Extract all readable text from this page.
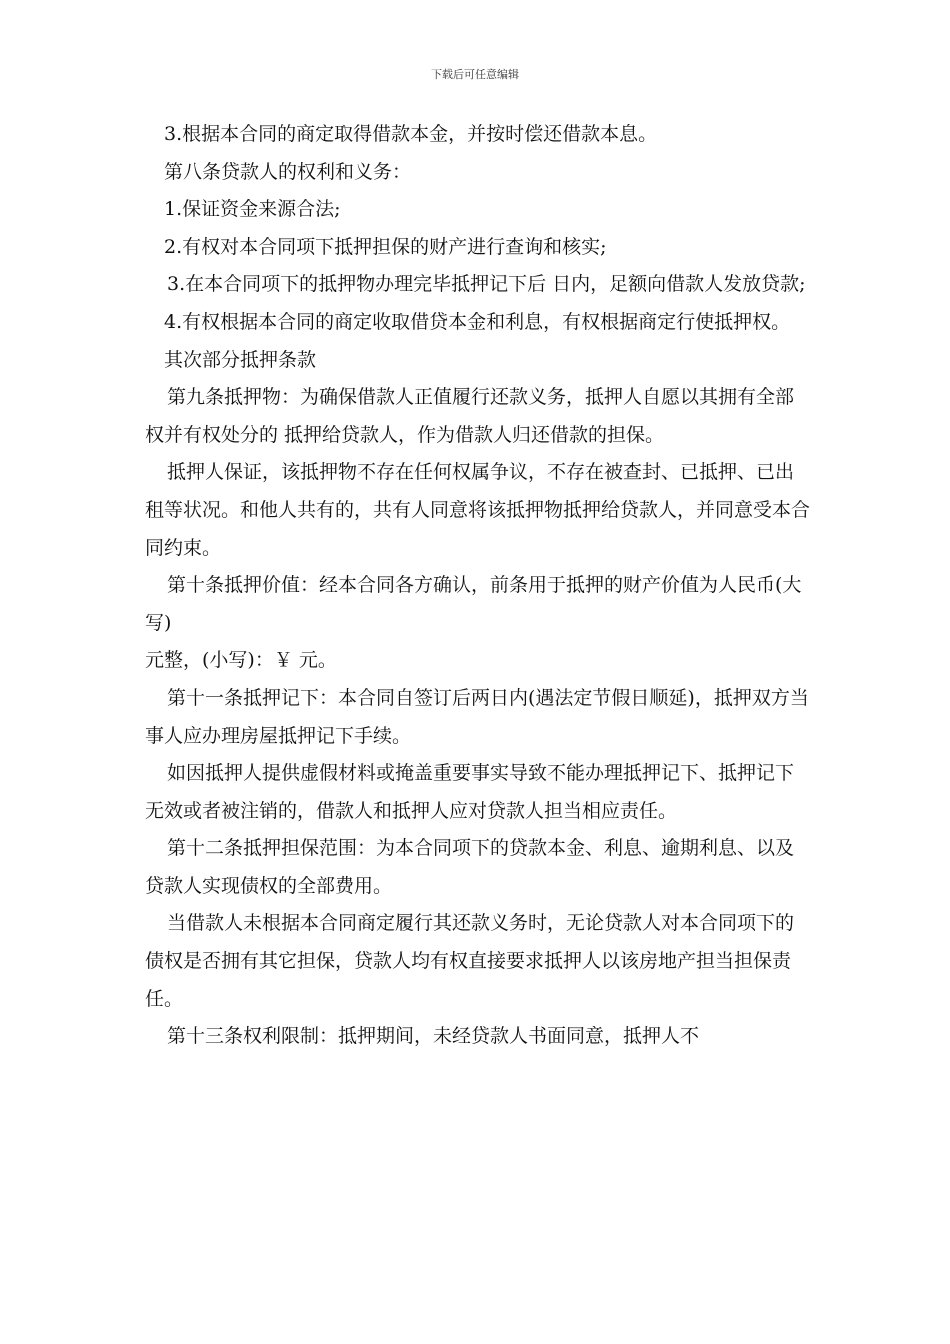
下载后可任意编辑

3.根据本合同的商定取得借款本金，并按时偿还借款本息。

第八条贷款人的权利和义务：

1.保证资金来源合法;

2.有权对本合同项下抵押担保的财产进行查询和核实;

3.在本合同项下的抵押物办理完毕抵押记下后 日内，足额向借款人发放贷款;

4.有权根据本合同的商定收取借贷本金和利息，有权根据商定行使抵押权。

其次部分抵押条款

第九条抵押物：为确保借款人正值履行还款义务，抵押人自愿以其拥有全部权并有权处分的 抵押给贷款人，作为借款人归还借款的担保。

抵押人保证，该抵押物不存在任何权属争议，不存在被查封、已抵押、已出租等状况。和他人共有的，共有人同意将该抵押物抵押给贷款人，并同意受本合同约束。

第十条抵押价值：经本合同各方确认，前条用于抵押的财产价值为人民币(大写)

元整，(小写)：￥ 元。

第十一条抵押记下：本合同自签订后两日内(遇法定节假日顺延)，抵押双方当事人应办理房屋抵押记下手续。

如因抵押人提供虚假材料或掩盖重要事实导致不能办理抵押记下、抵押记下无效或者被注销的，借款人和抵押人应对贷款人担当相应责任。

第十二条抵押担保范围：为本合同项下的贷款本金、利息、逾期利息、以及贷款人实现债权的全部费用。

当借款人未根据本合同商定履行其还款义务时，无论贷款人对本合同项下的债权是否拥有其它担保，贷款人均有权直接要求抵押人以该房地产担当担保责任。

第十三条权利限制：抵押期间，未经贷款人书面同意，抵押人不
